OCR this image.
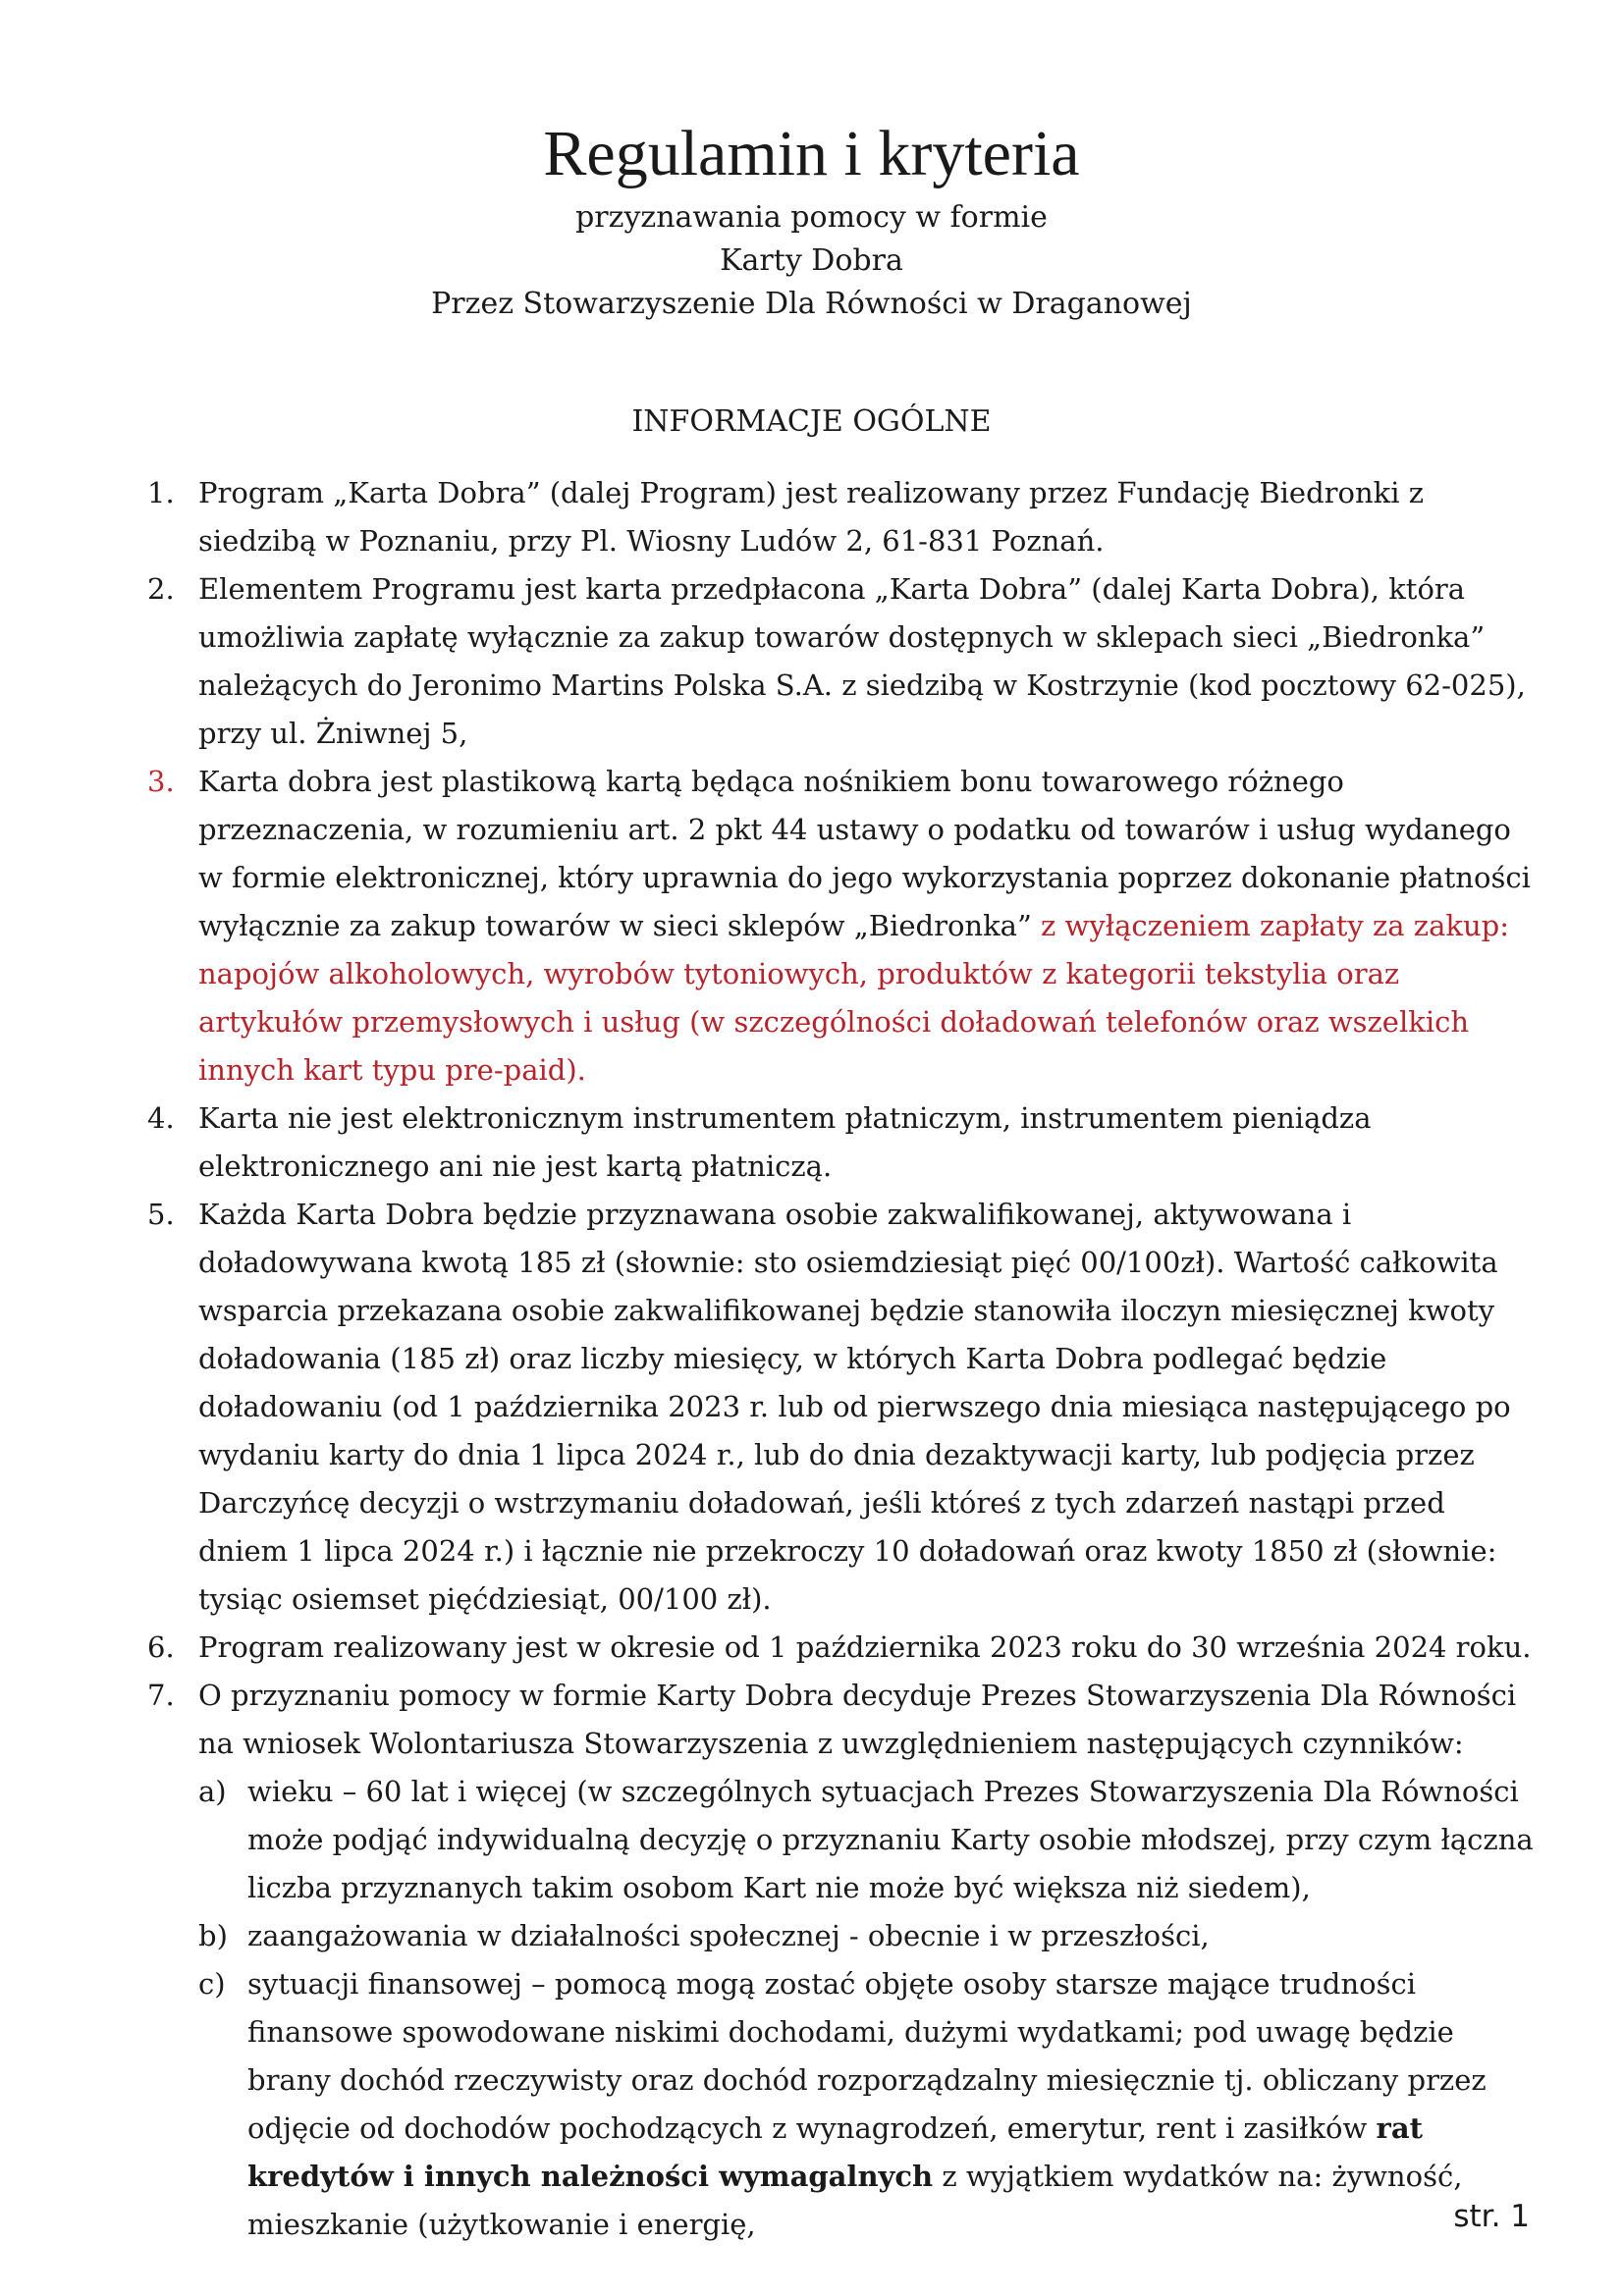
Regulamin i kryteria
przyznawania pomocy w formie
Karty Dobra
Przez Stowarzyszenie Dla Równości w Draganowej
INFORMACJE OGÓLNE
1. Program „Karta Dobra” (dalej Program) jest realizowany przez Fundację Biedronki z siedzibą w Poznaniu, przy Pl. Wiosny Ludów 2, 61-831 Poznań.
2. Elementem Programu jest karta przedpłacona „Karta Dobra” (dalej Karta Dobra), która umożliwia zapłatę wyłącznie za zakup towarów dostępnych w sklepach sieci „Biedronka” należących do Jeronimo Martins Polska S.A. z siedzibą w Kostrzynie (kod pocztowy 62-025), przy ul. Żniwnej 5,
3. Karta dobra jest plastikową kartą będąca nośnikiem bonu towarowego różnego przeznaczenia, w rozumieniu art. 2 pkt 44 ustawy o podatku od towarów i usług wydanego w formie elektronicznej, który uprawnia do jego wykorzystania poprzez dokonanie płatności wyłącznie za zakup towarów w sieci sklepów „Biedronka” z wyłączeniem zapłaty za zakup: napojów alkoholowych, wyrobów tytoniowych, produktów z kategorii tekstylia oraz artykułów przemysłowych i usług (w szczególności doładowań telefonów oraz wszelkich innych kart typu pre-paid).
4. Karta nie jest elektronicznym instrumentem płatniczym, instrumentem pieniądza elektronicznego ani nie jest kartą płatniczą.
5. Każda Karta Dobra będzie przyznawana osobie zakwalifikowanej, aktywowana i doładowywana kwotą 185 zł (słownie: sto osiemdziesiąt pięć 00/100zł). Wartość całkowita wsparcia przekazana osobie zakwalifikowanej będzie stanowiła iloczyn miesięcznej kwoty doładowania (185 zł) oraz liczby miesięcy, w których Karta Dobra podlegać będzie doładowaniu (od 1 października 2023 r. lub od pierwszego dnia miesiąca następującego po wydaniu karty do dnia 1 lipca 2024 r., lub do dnia dezaktywacji karty, lub podjęcia przez Darczyńcę decyzji o wstrzymaniu doładowań, jeśli któreś z tych zdarzeń nastąpi przed dniem 1 lipca 2024 r.) i łącznie nie przekroczy 10 doładowań oraz kwoty 1850 zł (słownie: tysiąc osiemset pięćdziesiąt, 00/100 zł).
6. Program realizowany jest w okresie od 1 października 2023 roku do 30 września 2024 roku.
7. O przyznaniu pomocy w formie Karty Dobra decyduje Prezes Stowarzyszenia Dla Równości na wniosek Wolontariusza Stowarzyszenia z uwzględnieniem następujących czynników:
a) wieku – 60 lat i więcej (w szczególnych sytuacjach Prezes Stowarzyszenia Dla Równości może podjąć indywidualną decyzję o przyznaniu Karty osobie młodszej, przy czym łączna liczba przyznanych takim osobom Kart nie może być większa niż siedem),
b) zaangażowania w działalności społecznej - obecnie i w przeszłości,
c) sytuacji finansowej – pomocą mogą zostać objęte osoby starsze mające trudności finansowe spowodowane niskimi dochodami, dużymi wydatkami; pod uwagę będzie brany dochód rzeczywisty oraz dochód rozporządzalny miesięcznie tj. obliczany przez odjęcie od dochodów pochodzących z wynagrodzeń, emerytur, rent i zasiłków rat kredytów i innych należności wymagalnych z wyjątkiem wydatków na: żywność, mieszkanie (użytkowanie i energię,	str. 1
